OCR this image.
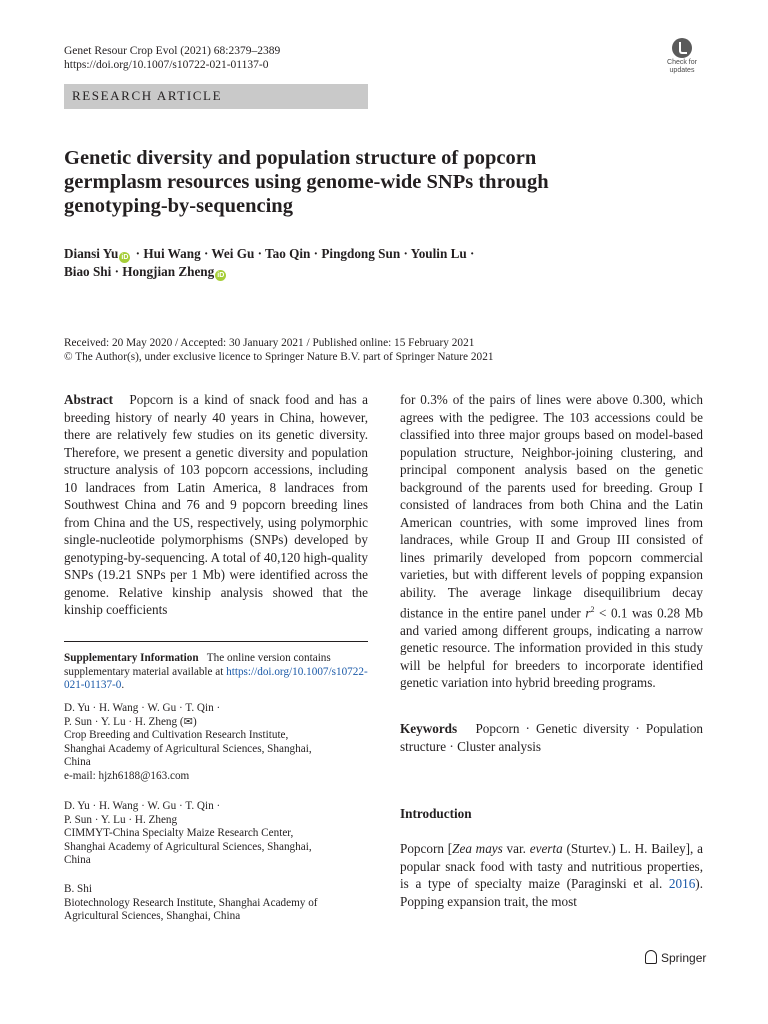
Genet Resour Crop Evol (2021) 68:2379–2389
https://doi.org/10.1007/s10722-021-01137-0	Check for
updates
RESEARCH ARTICLE
Genetic diversity and population structure of popcorn
germplasm resources using genome-wide SNPs through
genotyping-by-sequencing
Diansi Yu iD · Hui Wang · Wei Gu · Tao Qin · Pingdong Sun · Youlin Lu ·
Biao Shi · Hongjian Zheng iD
Received: 20 May 2020 / Accepted: 30 January 2021 / Published online: 15 February 2021
© The Author(s), under exclusive licence to Springer Nature B.V. part of Springer Nature 2021
Abstract Popcorn is a kind of snack food and has a breeding history of nearly 40 years in China, however, there are relatively few studies on its genetic diversity. Therefore, we present a genetic diversity and population structure analysis of 103 popcorn accessions, including 10 landraces from Latin America, 8 landraces from Southwest China and 76 and 9 popcorn breeding lines from China and the US, respectively, using polymorphic single-nucleotide polymorphisms (SNPs) developed by genotyping-by-sequencing. A total of 40,120 high-quality SNPs (19.21 SNPs per 1 Mb) were identified across the genome. Relative kinship analysis showed that the kinship coefficients
for 0.3% of the pairs of lines were above 0.300, which agrees with the pedigree. The 103 accessions could be classified into three major groups based on model-based population structure, Neighbor-joining clustering, and principal component analysis based on the genetic background of the parents used for breeding. Group I consisted of landraces from both China and the Latin American countries, with some improved lines from landraces, while Group II and Group III consisted of lines primarily developed from popcorn commercial varieties, but with different levels of popping expansion ability. The average linkage disequilibrium decay distance in the entire panel under $r^2 < 0.1$ was 0.28 Mb and varied among different groups, indicating a narrow genetic resource. The information provided in this study will be helpful for breeders to incorporate identified genetic variation into hybrid breeding programs.
Supplementary Information The online version contains supplementary material available at https://doi.org/10.1007/s10722-021-01137-0.
D. Yu · H. Wang · W. Gu · T. Qin ·
P. Sun · Y. Lu · H. Zheng (✉)
Crop Breeding and Cultivation Research Institute,
Shanghai Academy of Agricultural Sciences, Shanghai,
China
e-mail: hjzh6188@163.com
D. Yu · H. Wang · W. Gu · T. Qin ·
P. Sun · Y. Lu · H. Zheng
CIMMYT-China Specialty Maize Research Center,
Shanghai Academy of Agricultural Sciences, Shanghai,
China
B. Shi
Biotechnology Research Institute, Shanghai Academy of
Agricultural Sciences, Shanghai, China
Keywords Popcorn · Genetic diversity · Population structure · Cluster analysis
Introduction
Popcorn [Zea mays var. everta (Sturtev.) L. H. Bailey], a popular snack food with tasty and nutritious properties, is a type of specialty maize (Paraginski et al. 2016). Popping expansion trait, the most
Springer
